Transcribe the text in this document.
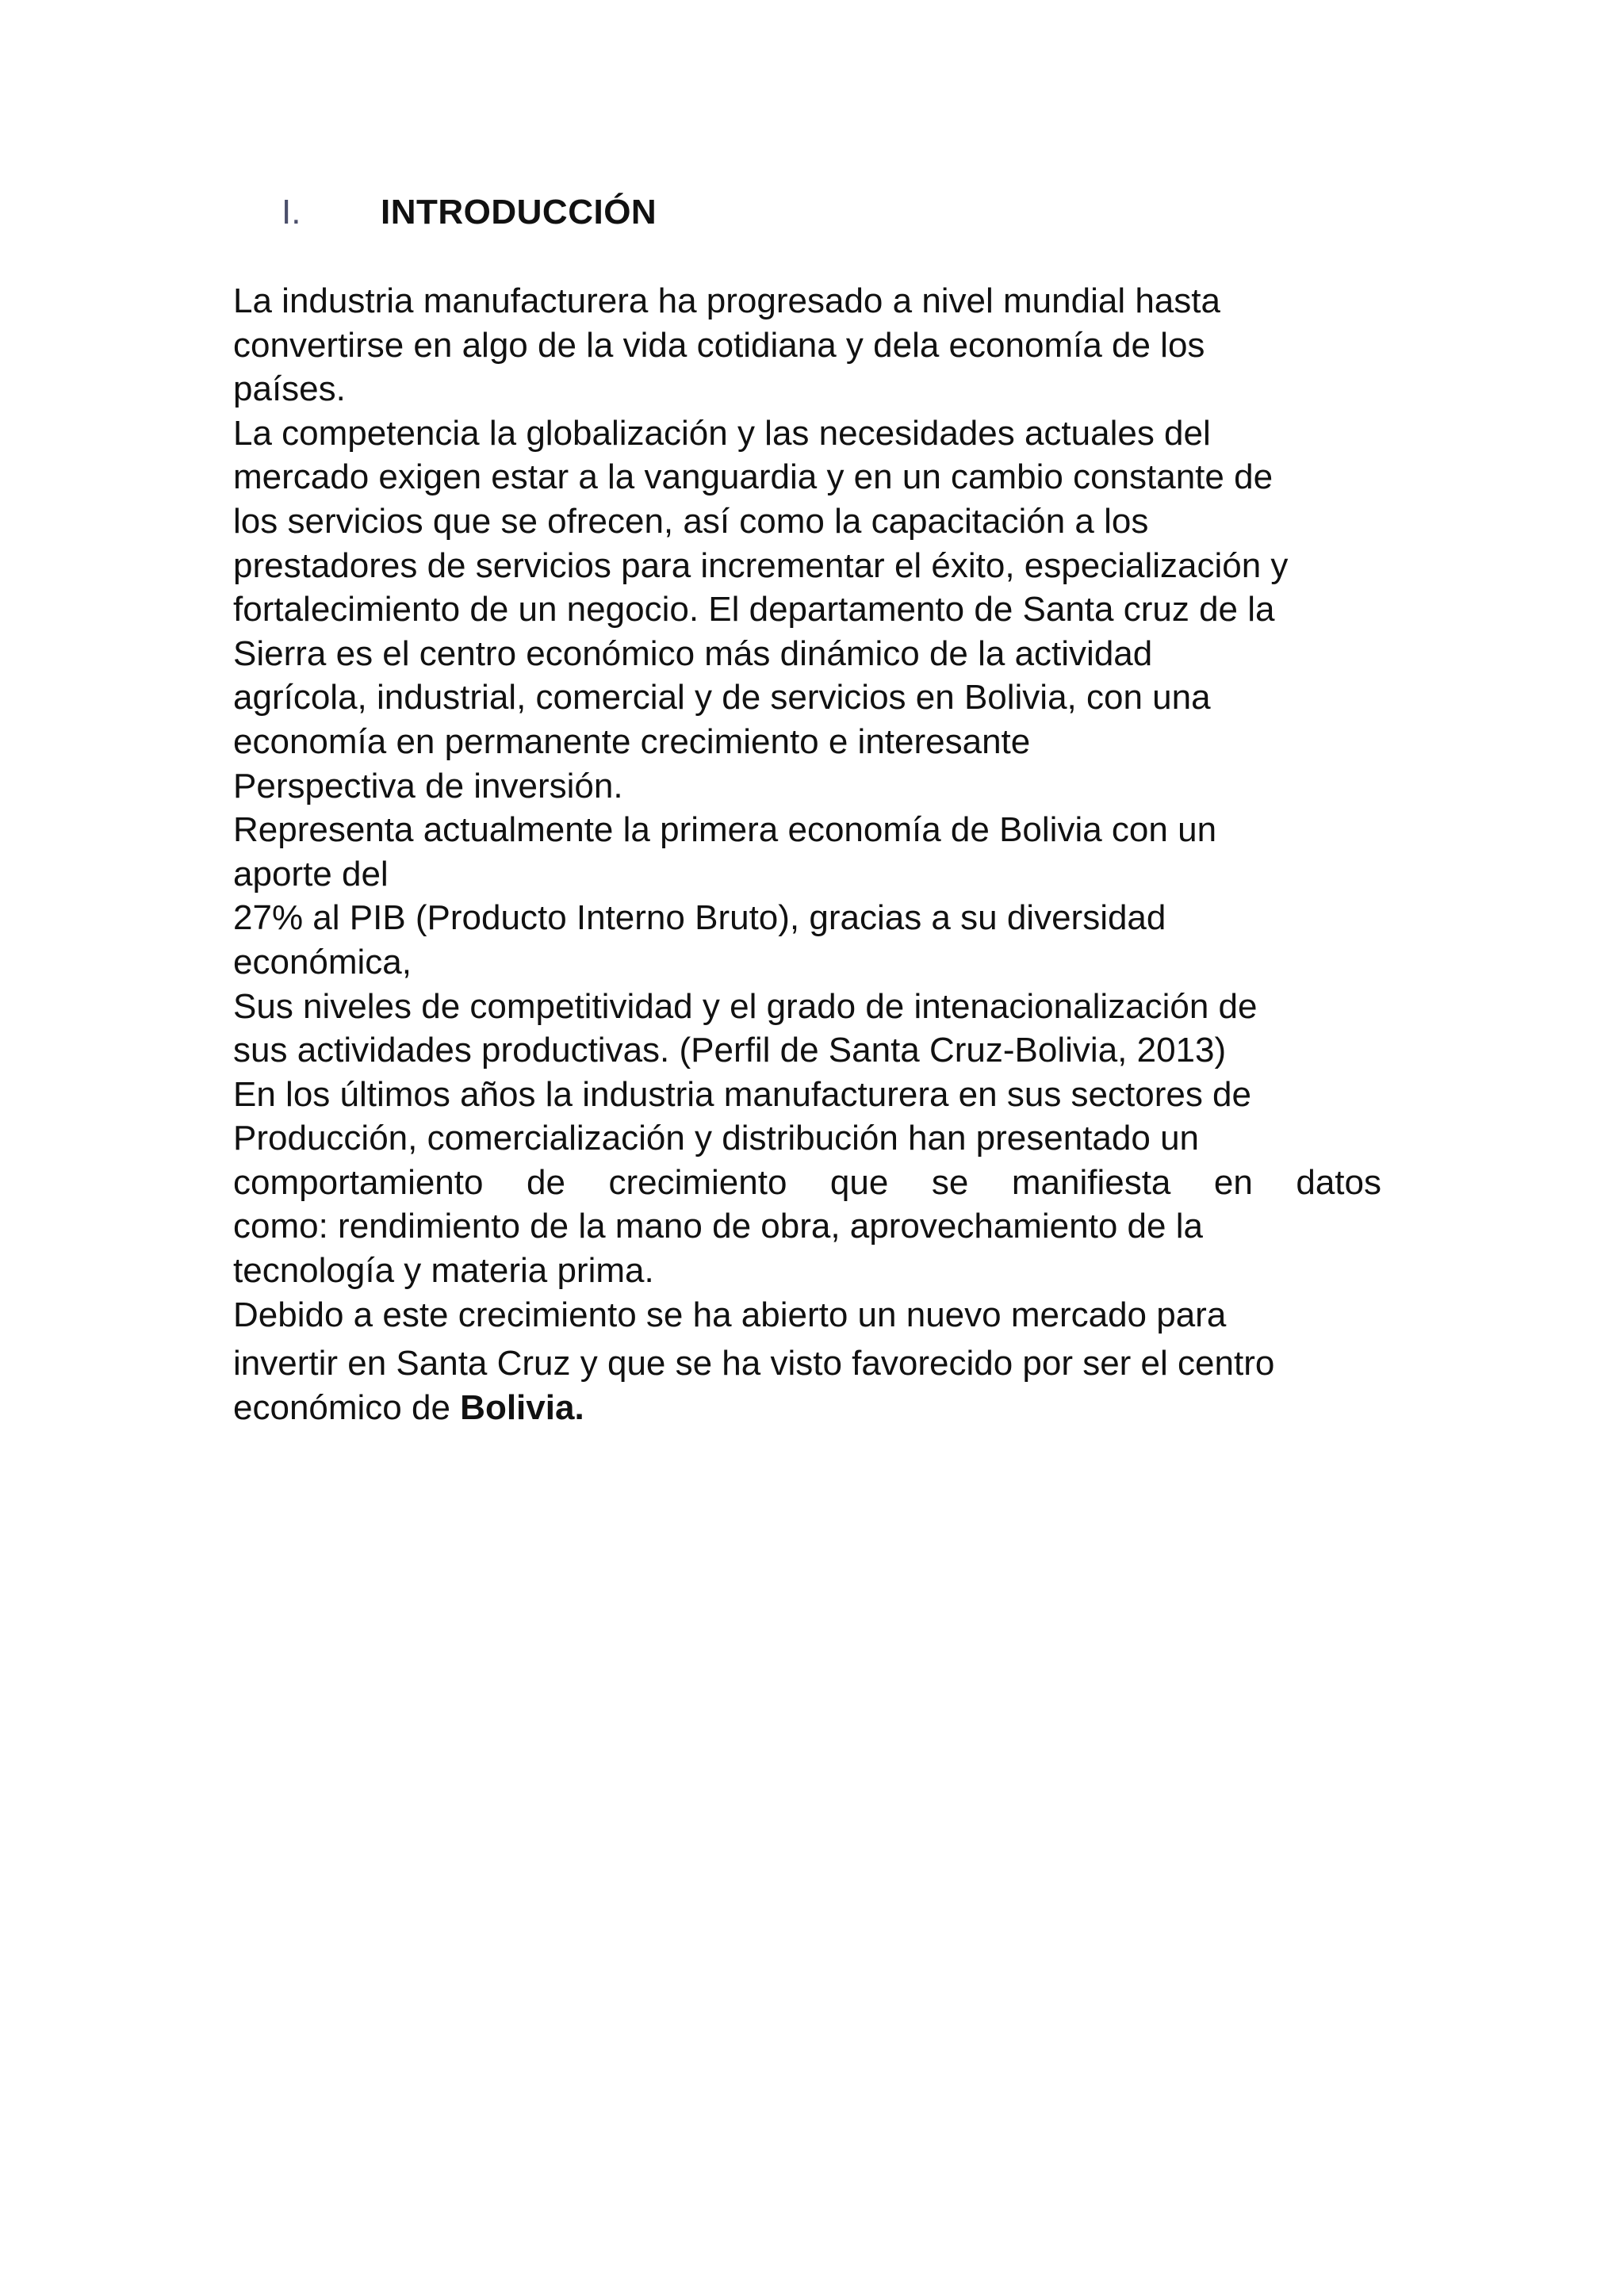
I. INTRODUCCIÓN
La industria manufacturera ha progresado a nivel mundial hasta
convertirse en algo de la vida cotidiana y dela economía de los
países.
La competencia la globalización y las necesidades actuales del
mercado exigen estar a la vanguardia y en un cambio constante de
los servicios que se ofrecen, así como la capacitación a los
prestadores de servicios para incrementar el éxito, especialización y
fortalecimiento de un negocio. El departamento de Santa cruz de la
Sierra es el centro económico más dinámico de la actividad
agrícola, industrial, comercial y de servicios en Bolivia, con una
economía en permanente crecimiento e interesante
Perspectiva de inversión.
Representa actualmente la primera economía de Bolivia con un
aporte del
27% al PIB (Producto Interno Bruto), gracias a su diversidad
económica,
Sus niveles de competitividad y el grado de intenacionalización de
sus actividades productivas. (Perfil de Santa Cruz-Bolivia, 2013)
En los últimos años la industria manufacturera en sus sectores de
Producción, comercialización y distribución han presentado un
comportamiento de crecimiento que se manifiesta en datos
como: rendimiento de la mano de obra, aprovechamiento de la
tecnología y materia prima.
Debido a este crecimiento se ha abierto un nuevo mercado para
invertir en Santa Cruz y que se ha visto favorecido por ser el centro
económico de Bolivia.
